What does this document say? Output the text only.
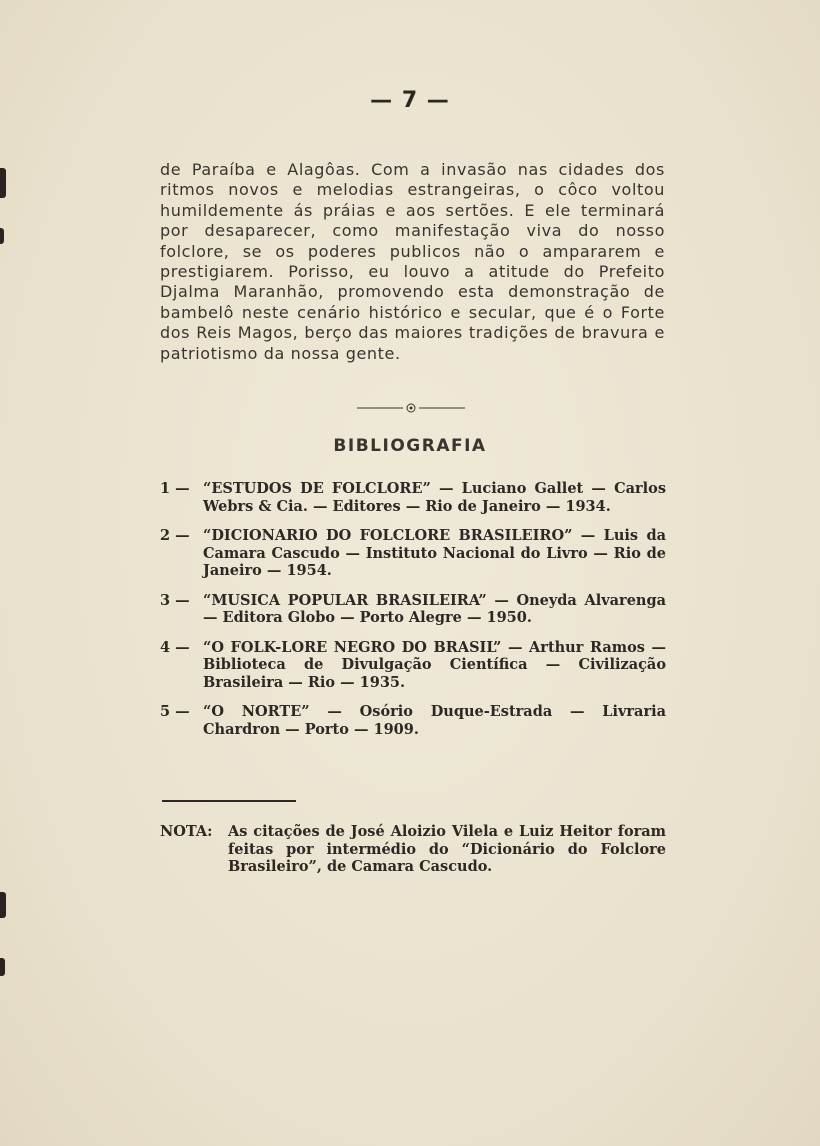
— 7 —
de Paraíba e Alagôas. Com a invasão nas cidades dos ritmos novos e melodias estrangeiras, o côco voltou humildemente ás práias e aos sertões. E ele terminará por desaparecer, como manifestação viva do nosso folclore, se os poderes publicos não o ampararem e prestigiarem. Porisso, eu louvo a atitude do Prefeito Djalma Maranhão, promovendo esta demonstração de bambelô neste cenário histórico e secular, que é o Forte dos Reis Magos, berço das maiores tradições de bravura e patriotismo da nossa gente.
BIBLIOGRAFIA
1 — “ESTUDOS DE FOLCLORE” — Luciano Gallet — Carlos Webrs & Cia. — Editores — Rio de Janeiro — 1934.
2 — “DICIONARIO DO FOLCLORE BRASILEIRO” — Luis da Camara Cascudo — Instituto Nacional do Livro — Rio de Janeiro — 1954.
3 — “MUSICA POPULAR BRASILEIRA” — Oneyda Alvarenga — Editora Globo — Porto Alegre — 1950.
4 — “O FOLK-LORE NEGRO DO BRASIL” — Arthur Ramos — Biblioteca de Divulgação Científica — Civilização Brasileira — Rio — 1935.
5 — “O NORTE” — Osório Duque-Estrada — Livraria Chardron — Porto — 1909.
NOTA:	As citações de José Aloizio Vilela e Luiz Heitor foram feitas por intermédio do “Dicionário do Folclore Brasileiro”, de Camara Cascudo.
